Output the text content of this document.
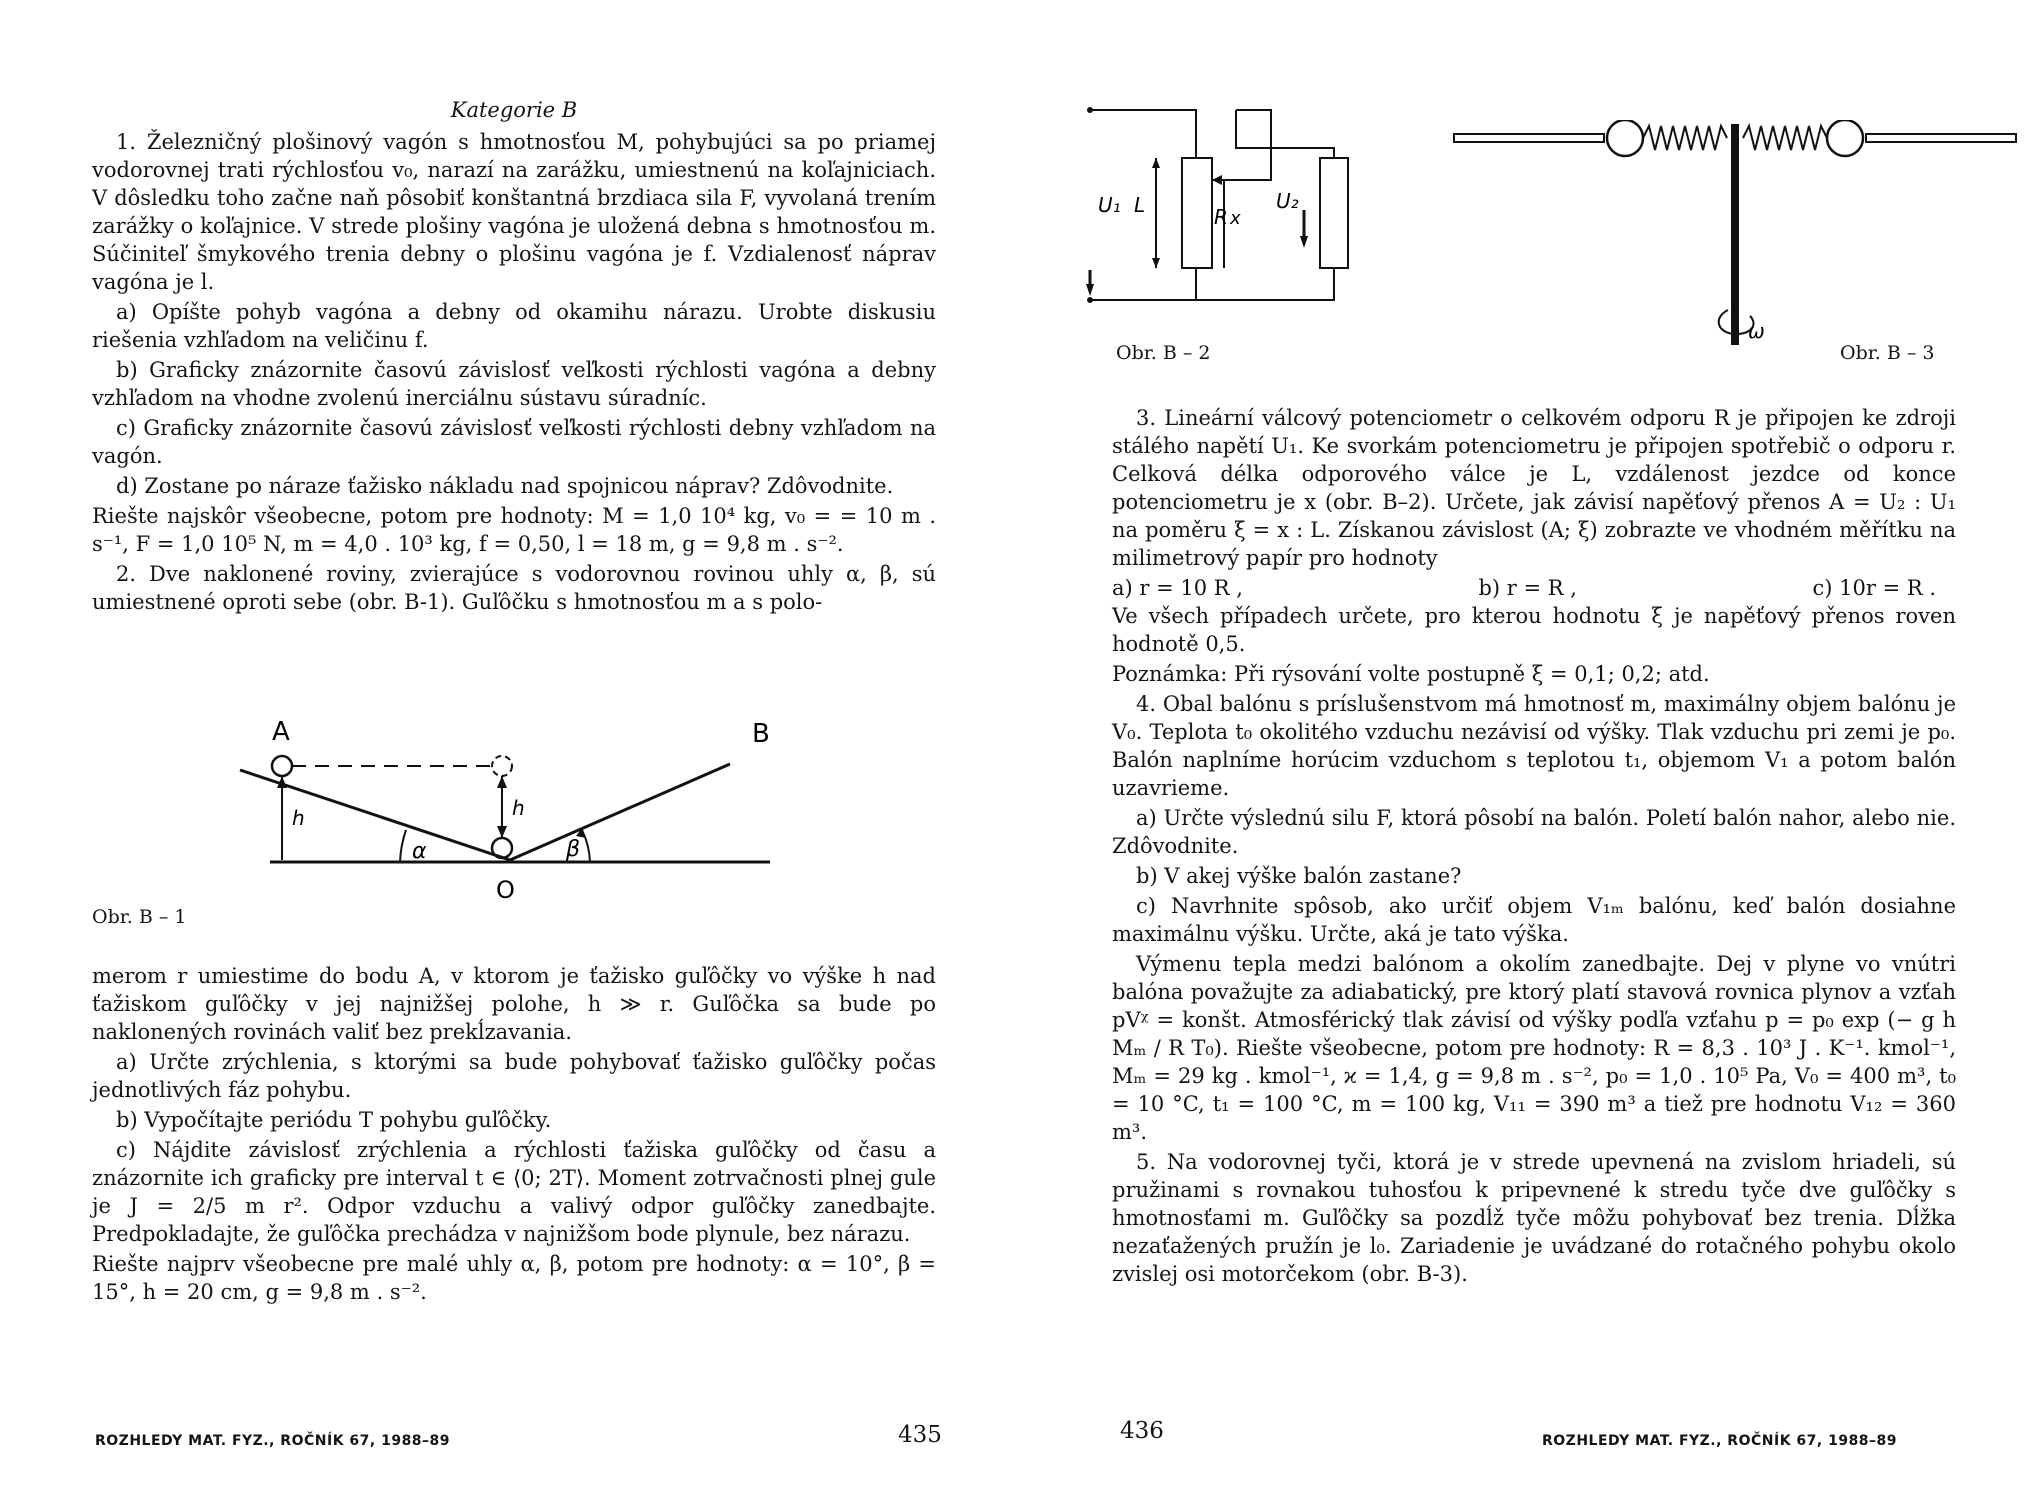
Kategorie B

1. Železničný plošinový vagón s hmotnosťou M, pohybujúci sa po priamej vodorovnej trati rýchlosťou v₀, narazí na zarážku, umiestnenú na koľajniciach. V dôsledku toho začne naň pôsobiť konštantná brzdiaca sila F, vyvolaná trením zarážky o koľajnice. V strede plošiny vagóna je uložená debna s hmotnosťou m. Súčiniteľ šmykového trenia debny o plošinu vagóna je f. Vzdialenosť náprav vagóna je l.

a) Opíšte pohyb vagóna a debny od okamihu nárazu. Urobte diskusiu riešenia vzhľadom na veličinu f.

b) Graficky znázornite časovú závislosť veľkosti rýchlosti vagóna a debny vzhľadom na vhodne zvolenú inerciálnu sústavu súradníc.

c) Graficky znázornite časovú závislosť veľkosti rýchlosti debny vzhľadom na vagón.

d) Zostane po náraze ťažisko nákladu nad spojnicou náprav? Zdôvodnite.

Riešte najskôr všeobecne, potom pre hodnoty: M = 1,0 10⁴ kg, v₀ = = 10 m . s⁻¹, F = 1,0 10⁵ N, m = 4,0 . 10³ kg, f = 0,50, l = 18 m, g = 9,8 m . s⁻².

2. Dve naklonené roviny, zvierajúce s vodorovnou rovinou uhly α, β, sú umiestnené oproti sebe (obr. B-1). Guľôčku s hmotnosťou m a s polo-

A	B
O
h	h
α	β
Obr. B – 1

merom r umiestime do bodu A, v ktorom je ťažisko guľôčky vo výške h nad ťažiskom guľôčky v jej najnižšej polohe, h ≫ r. Guľôčka sa bude po naklonených rovinách valiť bez prekĺzavania.

a) Určte zrýchlenia, s ktorými sa bude pohybovať ťažisko guľôčky počas jednotlivých fáz pohybu.

b) Vypočítajte periódu T pohybu guľôčky.

c) Nájdite závislosť zrýchlenia a rýchlosti ťažiska guľôčky od času a znázornite ich graficky pre interval t ∈ ⟨0; 2T⟩. Moment zotrvačnosti plnej gule je J = 2/5 m r². Odpor vzduchu a valivý odpor guľôčky zanedbajte. Predpokladajte, že guľôčka prechádza v najnižšom bode plynule, bez nárazu.

Riešte najprv všeobecne pre malé uhly α, β, potom pre hodnoty: α = 10°, β = 15°, h = 20 cm, g = 9,8 m . s⁻².

ROZHLEDY MAT. FYZ., ROČNÍK 67, 1988–89	435
U₁ L	R x
U₂
Obr. B – 2
ω
Obr. B – 3

3. Lineární válcový potenciometr o celkovém odporu R je připojen ke zdroji stálého napětí U₁. Ke svorkám potenciometru je připojen spotřebič o odporu r. Celková délka odporového válce je L, vzdálenost jezdce od konce potenciometru je x (obr. B–2). Určete, jak závisí napěťový přenos A = U₂ : U₁ na poměru ξ = x : L. Získanou závislost (A; ξ) zobrazte ve vhodném měřítku na milimetrový papír pro hodnoty

a) r = 10 R ,	b) r = R ,	c) 10r = R .

Ve všech případech určete, pro kterou hodnotu ξ je napěťový přenos roven hodnotě 0,5.

Poznámka: Při rýsování volte postupně ξ = 0,1; 0,2; atd.

4. Obal balónu s príslušenstvom má hmotnosť m, maximálny objem balónu je V₀. Teplota t₀ okolitého vzduchu nezávisí od výšky. Tlak vzduchu pri zemi je p₀. Balón naplníme horúcim vzduchom s teplotou t₁, objemom V₁ a potom balón uzavrieme.

a) Určte výslednú silu F, ktorá pôsobí na balón. Poletí balón nahor, alebo nie. Zdôvodnite.

b) V akej výške balón zastane?

c) Navrhnite spôsob, ako určiť objem V₁ₘ balónu, keď balón dosiahne maximálnu výšku. Určte, aká je tato výška.

Výmenu tepla medzi balónom a okolím zanedbajte. Dej v plyne vo vnútri balóna považujte za adiabatický, pre ktorý platí stavová rovnica plynov a vzťah pVᵡ = konšt. Atmosférický tlak závisí od výšky podľa vzťahu p = p₀ exp (− g h Mₘ / R T₀). Riešte všeobecne, potom pre hodnoty: R = 8,3 . 10³ J . K⁻¹. kmol⁻¹, Mₘ = 29 kg . kmol⁻¹, ϰ = 1,4, g = 9,8 m . s⁻², p₀ = 1,0 . 10⁵ Pa, V₀ = 400 m³, t₀ = 10 °C, t₁ = 100 °C, m = 100 kg, V₁₁ = 390 m³ a tiež pre hodnotu V₁₂ = 360 m³.

5. Na vodorovnej tyči, ktorá je v strede upevnená na zvislom hriadeli, sú pružinami s rovnakou tuhosťou k pripevnené k stredu tyče dve guľôčky s hmotnosťami m. Guľôčky sa pozdĺž tyče môžu pohybovať bez trenia. Dĺžka nezaťažených pružín je l₀. Zariadenie je uvádzané do rotačného pohybu okolo zvislej osi motorčekom (obr. B-3).

436	ROZHLEDY MAT. FYZ., ROČNÍK 67, 1988–89
